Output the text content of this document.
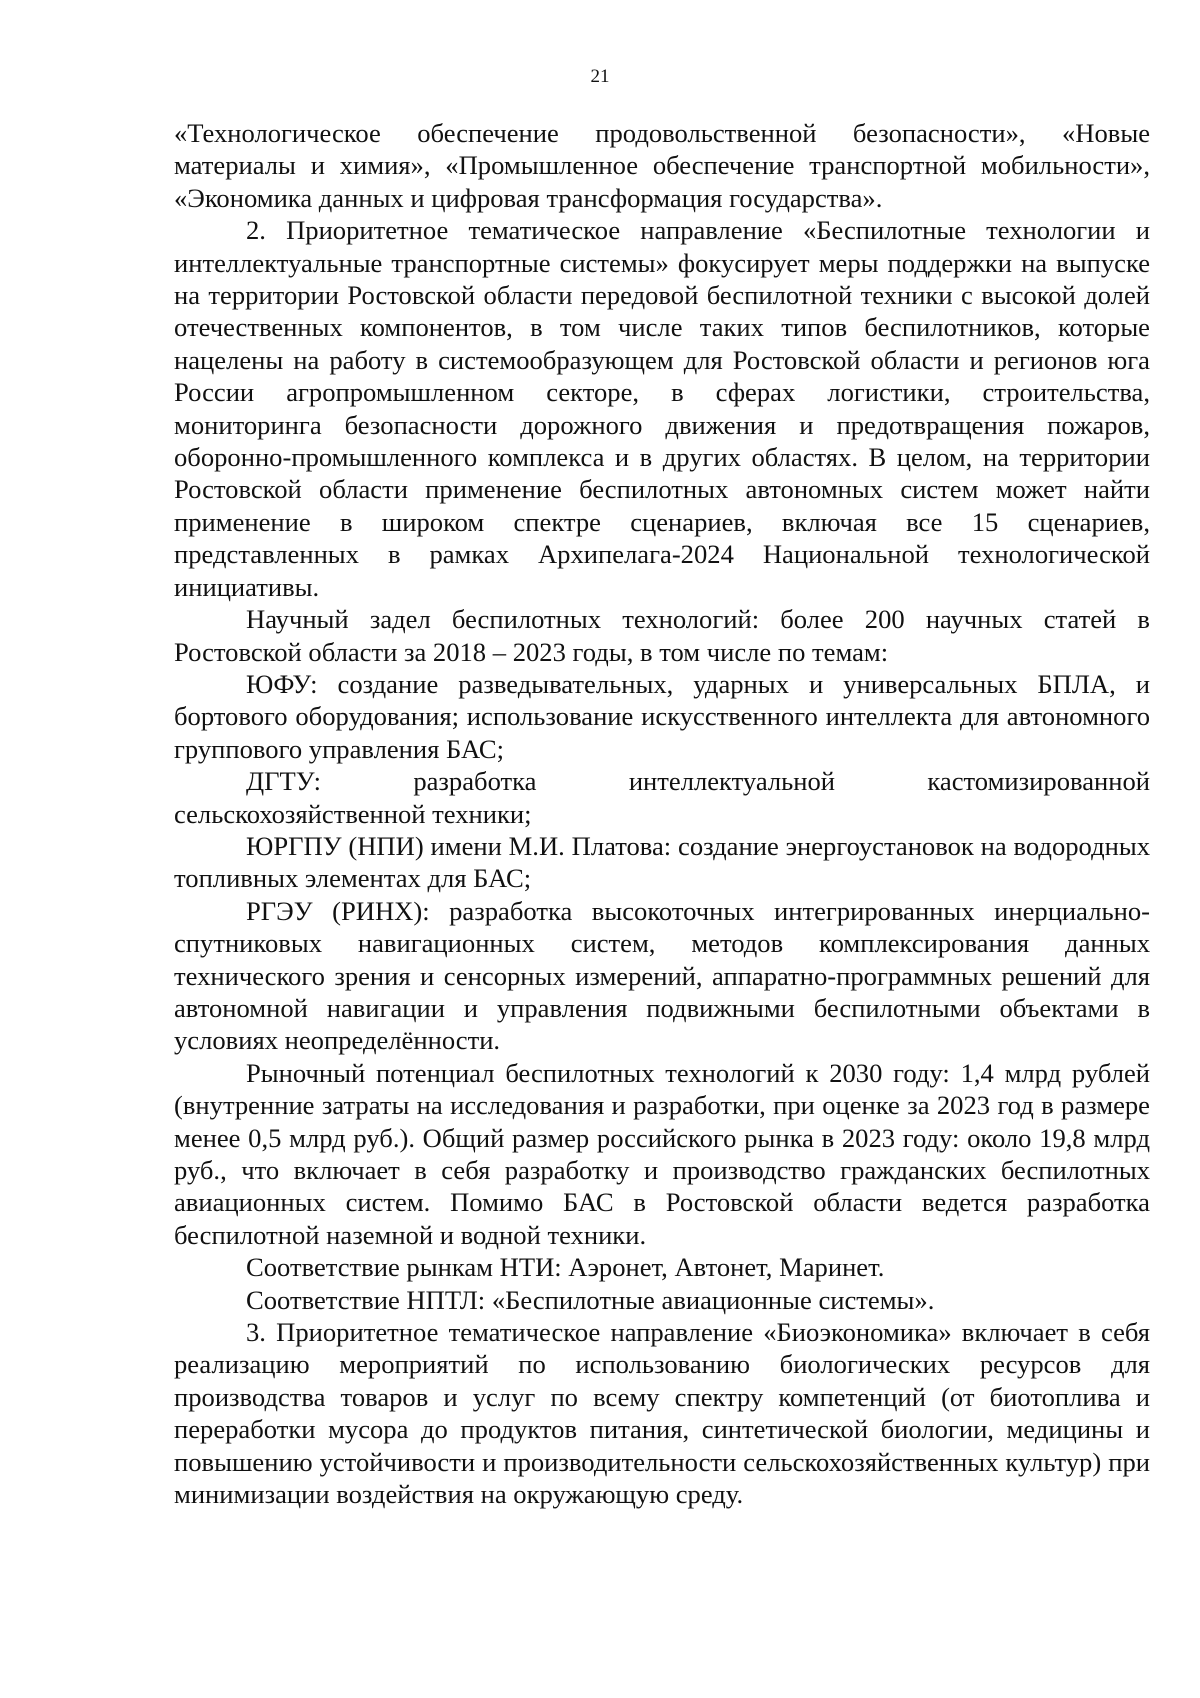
21

«Технологическое обеспечение продовольственной безопасности», «Новые материалы и химия», «Промышленное обеспечение транспортной мобильности», «Экономика данных и цифровая трансформация государства».

2. Приоритетное тематическое направление «Беспилотные технологии и интеллектуальные транспортные системы» фокусирует меры поддержки на выпуске на территории Ростовской области передовой беспилотной техники с высокой долей отечественных компонентов, в том числе таких типов беспилотников, которые нацелены на работу в системообразующем для Ростовской области и регионов юга России агропромышленном секторе, в сферах логистики, строительства, мониторинга безопасности дорожного движения и предотвращения пожаров, оборонно-промышленного комплекса и в других областях. В целом, на территории Ростовской области применение беспилотных автономных систем может найти применение в широком спектре сценариев, включая все 15 сценариев, представленных в рамках Архипелага-2024 Национальной технологической инициативы.

Научный задел беспилотных технологий: более 200 научных статей в Ростовской области за 2018 – 2023 годы, в том числе по темам:

ЮФУ: создание разведывательных, ударных и универсальных БПЛА, и бортового оборудования; использование искусственного интеллекта для автономного группового управления БАС;

ДГТУ: разработка интеллектуальной кастомизированной сельскохозяйственной техники;

ЮРГПУ (НПИ) имени М.И. Платова: создание энергоустановок на водородных топливных элементах для БАС;

РГЭУ (РИНХ): разработка высокоточных интегрированных инерциально-спутниковых навигационных систем, методов комплексирования данных технического зрения и сенсорных измерений, аппаратно-программных решений для автономной навигации и управления подвижными беспилотными объектами в условиях неопределённости.

Рыночный потенциал беспилотных технологий к 2030 году: 1,4 млрд рублей (внутренние затраты на исследования и разработки, при оценке за 2023 год в размере менее 0,5 млрд руб.). Общий размер российского рынка в 2023 году: около 19,8 млрд руб., что включает в себя разработку и производство гражданских беспилотных авиационных систем. Помимо БАС в Ростовской области ведется разработка беспилотной наземной и водной техники.

Соответствие рынкам НТИ: Аэронет, Автонет, Маринет.

Соответствие НПТЛ: «Беспилотные авиационные системы».

3. Приоритетное тематическое направление «Биоэкономика» включает в себя реализацию мероприятий по использованию биологических ресурсов для производства товаров и услуг по всему спектру компетенций (от биотоплива и переработки мусора до продуктов питания, синтетической биологии, медицины и повышению устойчивости и производительности сельскохозяйственных культур) при минимизации воздействия на окружающую среду.
